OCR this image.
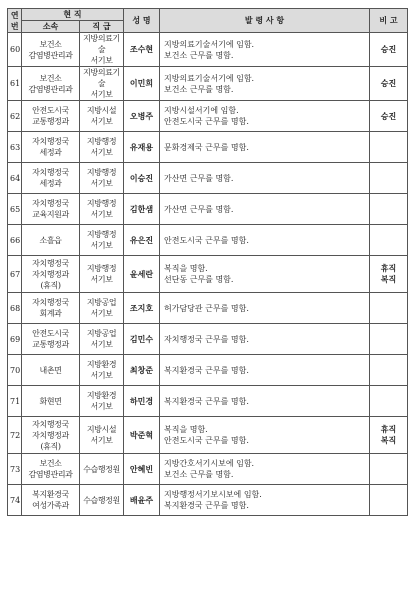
연번	현 직		성 명	발 령 사 항	비 고
	소속	직 급			
60	보건소
감염병관리과	지방의료기술
서기보	조수현	지방의료기술서기에 임함.
보건소 근무를 명함.	승진
61	보건소
감염병관리과	지방의료기술
서기보	이민희	지방의료기술서기에 임함.
보건소 근무를 명함.	승진
62	안전도시국
교통행정과	지방시설
서기보	오병주	지방시설서기에 임함.
안전도시국 근무를 명함.	승진
63	자치행정국
세정과	지방행정
서기보	유재용	문화경제국 근무를 명함.	
64	자치행정국
세정과	지방행정
서기보	이승진	가산면 근무를 명함.	
65	자치행정국
교육지원과	지방행정
서기보	김한샘	가산면 근무를 명함.	
66	소흘읍	지방행정
서기보	유은진	안전도시국 근무를 명함.	
67	자치행정국
자치행정과
(휴직)	지방행정
서기보	윤세란	복직을 명함.
선단동 근무를 명함.	휴직
복직
68	자치행정국
회계과	지방공업
서기보	조지호	허가담당관 근무를 명함.	
69	안전도시국
교통행정과	지방공업
서기보	김민수	자치행정국 근무를 명함.	
70	내촌면	지방환경
서기보	최창준	복지환경국 근무를 명함.	
71	화현면	지방환경
서기보	하민경	복지환경국 근무를 명함.	
72	자치행정국
자치행정과
(휴직)	지방시설
서기보	박준혁	복직을 명함.
안전도시국 근무를 명함.	휴직
복직
73	보건소
감염병관리과	수습행정원	안혜빈	지방간호서기시보에 임함.
보건소 근무를 명함.	
74	복지환경국
여성가족과	수습행정원	배윤주	지방행정서기보시보에 임함.
복지환경국 근무를 명함.	
